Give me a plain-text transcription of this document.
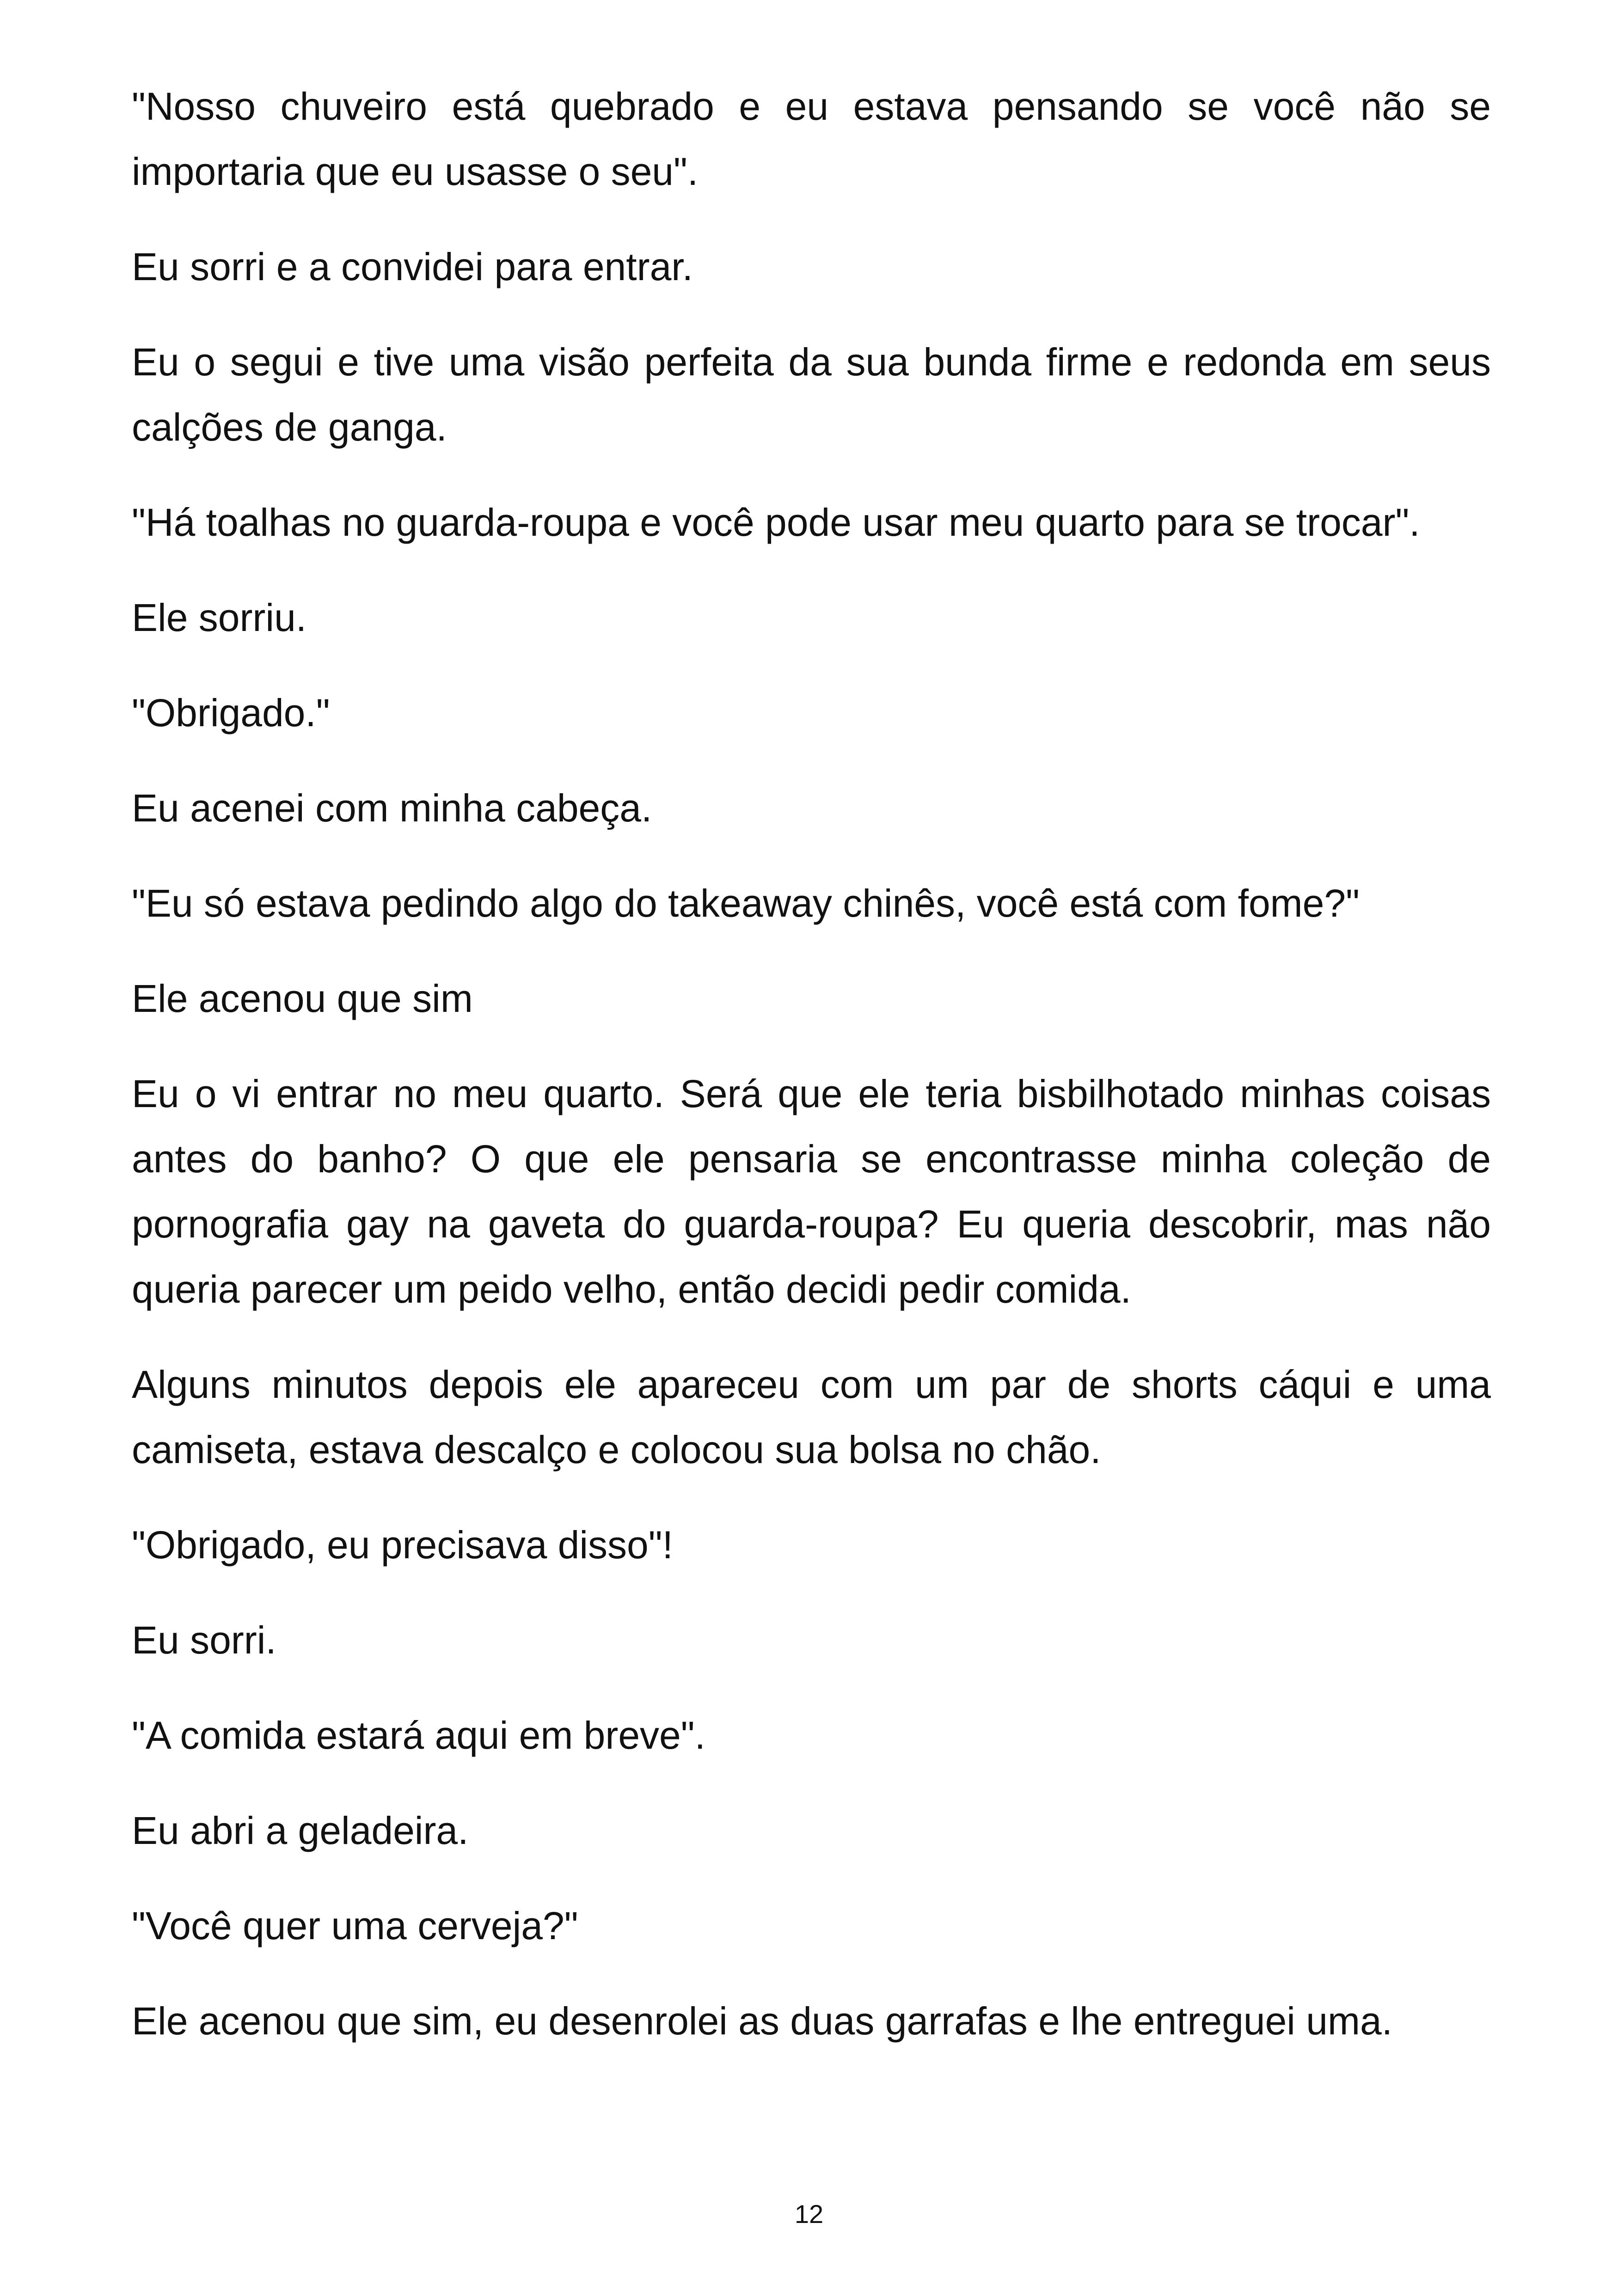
"Nosso chuveiro está quebrado e eu estava pensando se você não se importaria que eu usasse o seu".

Eu sorri e a convidei para entrar.

Eu o segui e tive uma visão perfeita da sua bunda firme e redonda em seus calções de ganga.

"Há toalhas no guarda-roupa e você pode usar meu quarto para se trocar".

Ele sorriu.

"Obrigado."

Eu acenei com minha cabeça.

"Eu só estava pedindo algo do takeaway chinês, você está com fome?"

Ele acenou que sim

Eu o vi entrar no meu quarto. Será que ele teria bisbilhotado minhas coisas antes do banho? O que ele pensaria se encontrasse minha coleção de pornografia gay na gaveta do guarda-roupa? Eu queria descobrir, mas não queria parecer um peido velho, então decidi pedir comida.

Alguns minutos depois ele apareceu com um par de shorts cáqui e uma camiseta, estava descalço e colocou sua bolsa no chão.

"Obrigado, eu precisava disso"!

Eu sorri.

"A comida estará aqui em breve".

Eu abri a geladeira.

"Você quer uma cerveja?"

Ele acenou que sim, eu desenrolei as duas garrafas e lhe entreguei uma.

12
